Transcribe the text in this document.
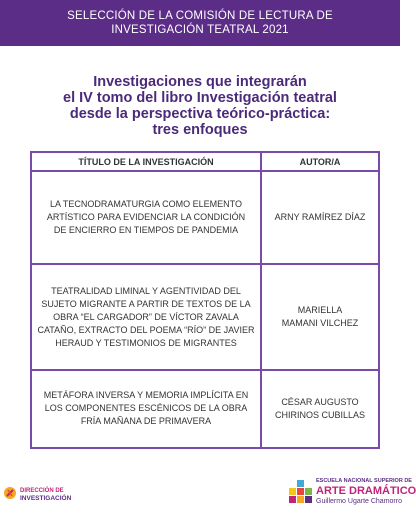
SELECCIÓN DE LA COMISIÓN DE LECTURA DE
INVESTIGACIÓN TEATRAL 2021
Investigaciones que integrarán
el IV tomo del libro Investigación teatral
desde la perspectiva teórico-práctica:
tres enfoques
TÍTULO DE LA INVESTIGACIÓN	AUTOR/A
LA TECNODRAMATURGIA COMO ELEMENTO ARTÍSTICO PARA EVIDENCIAR LA CONDICIÓN DE ENCIERRO EN TIEMPOS DE PANDEMIA	ARNY RAMÍREZ DÍAZ
TEATRALIDAD LIMINAL Y AGENTIVIDAD DEL SUJETO MIGRANTE A PARTIR DE TEXTOS DE LA OBRA “EL CARGADOR” DE VÍCTOR ZAVALA CATAÑO, EXTRACTO DEL POEMA “RÍO” DE JAVIER HERAUD Y TESTIMONIOS DE MIGRANTES	MARIELLA MAMANI VILCHEZ
METÁFORA INVERSA Y MEMORIA IMPLÍCITA EN LOS COMPONENTES ESCÉNICOS DE LA OBRA FRÍA MAÑANA DE PRIMAVERA	CÉSAR AUGUSTO CHIRINOS CUBILLAS
DIRECCIÓN DE
INVESTIGACIÓN
ESCUELA NACIONAL SUPERIOR DE
ARTE DRAMÁTICO
Guillermo Ugarte Chamorro
